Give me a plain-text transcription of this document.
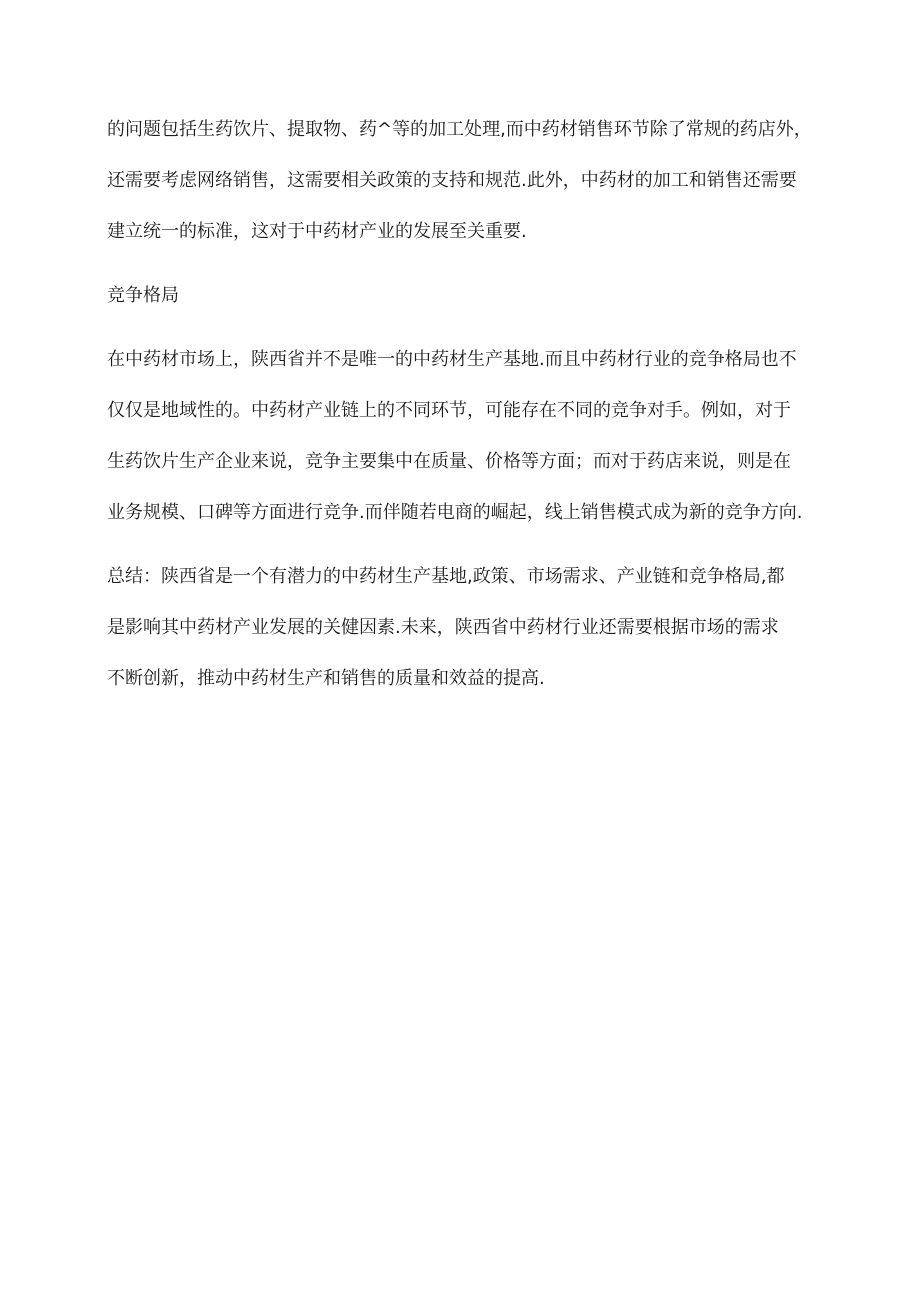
的问题包括生药饮片、提取物、药^等的加工处理,而中药材销售环节除了常规的药店外，
还需要考虑网络销售，这需要相关政策的支持和规范.此外，中药材的加工和销售还需要
建立统一的标准，这对于中药材产业的发展至关重要.
竞争格局
在中药材市场上，陕西省并不是唯一的中药材生产基地.而且中药材行业的竞争格局也不
仅仅是地域性的。中药材产业链上的不同环节，可能存在不同的竞争对手。例如，对于
生药饮片生产企业来说，竞争主要集中在质量、价格等方面；而对于药店来说，则是在
业务规模、口碑等方面进行竞争.而伴随若电商的崛起，线上销售模式成为新的竞争方向.
总结：陕西省是一个有潜力的中药材生产基地,政策、市场需求、产业链和竞争格局,都
是影响其中药材产业发展的关健因素.未来，陕西省中药材行业还需要根据市场的需求
不断创新，推动中药材生产和销售的质量和效益的提高.
